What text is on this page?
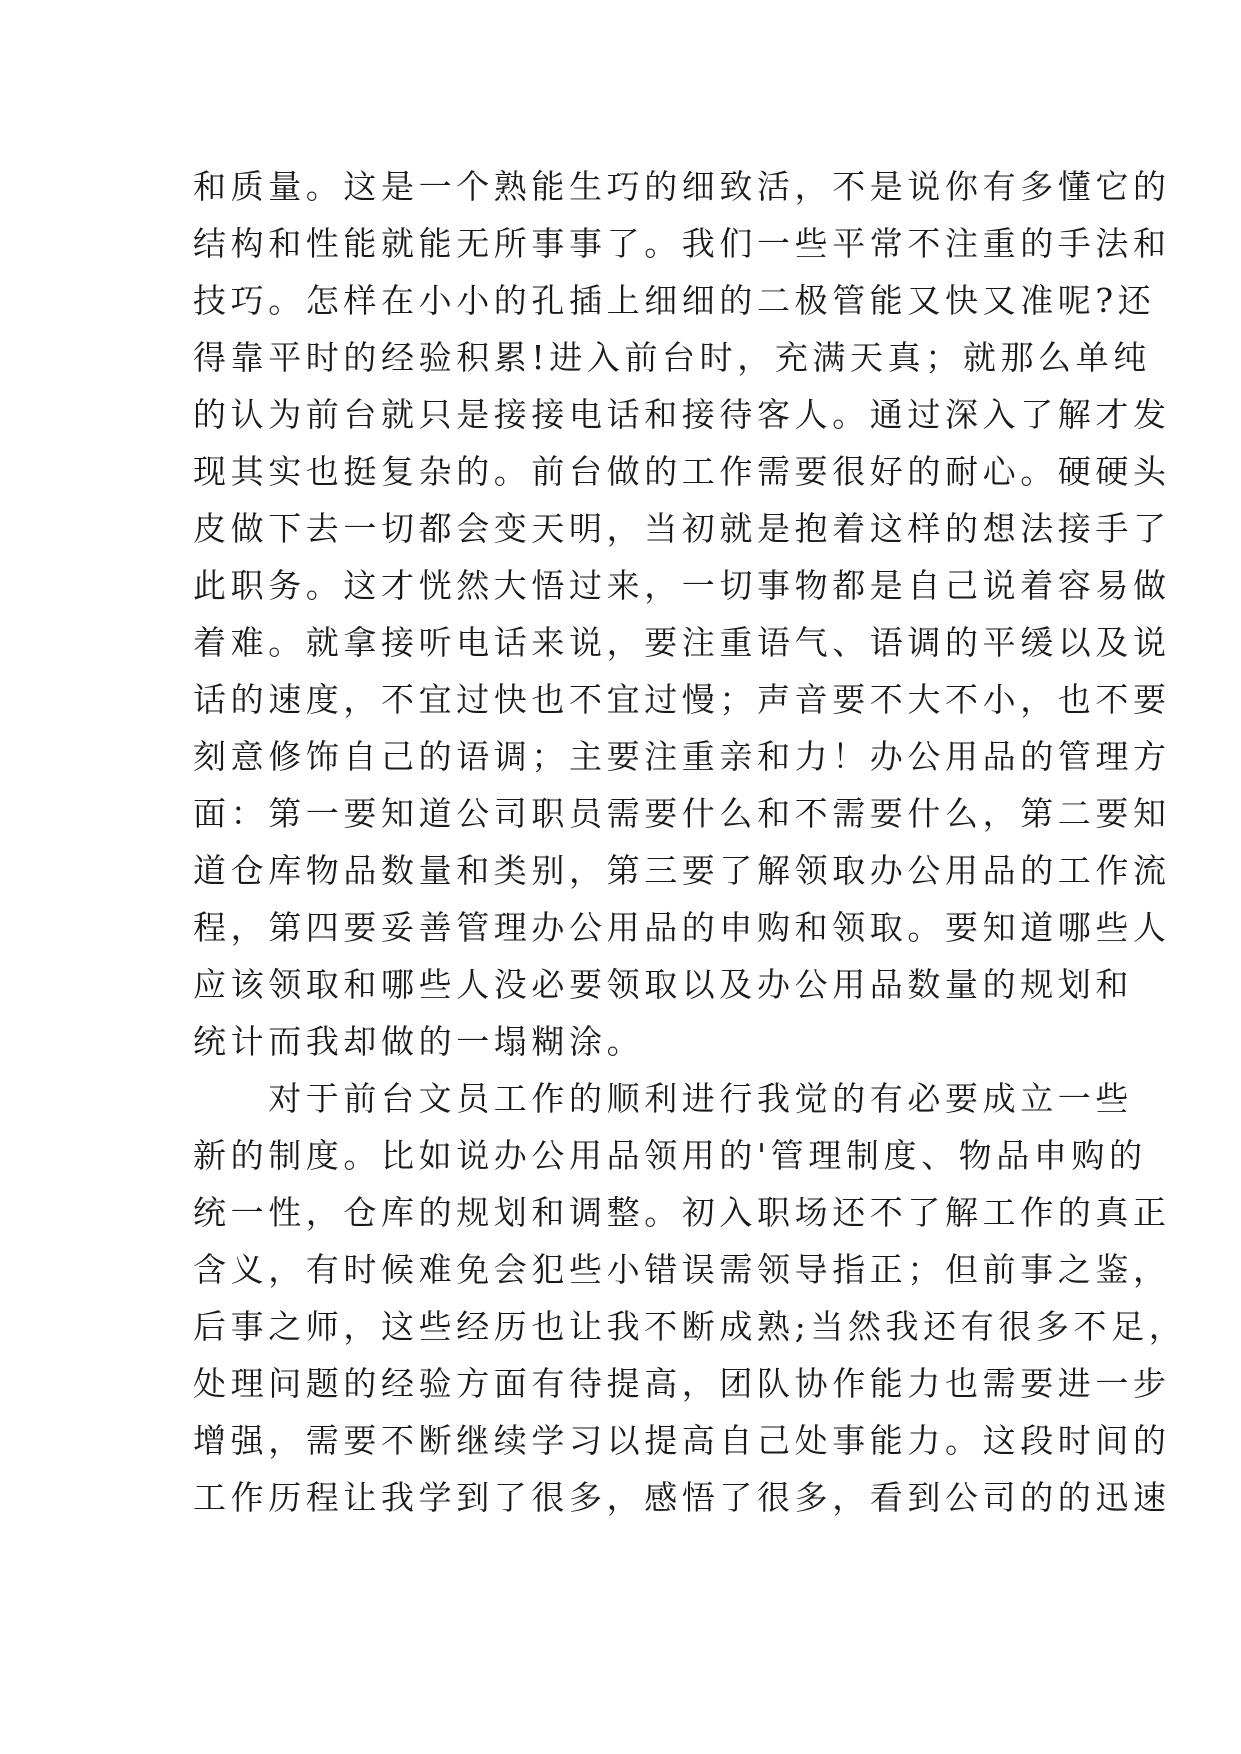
和质量。这是一个熟能生巧的细致活，不是说你有多懂它的
结构和性能就能无所事事了。我们一些平常不注重的手法和
技巧。怎样在小小的孔插上细细的二极管能又快又准呢?还
得靠平时的经验积累!进入前台时，充满天真；就那么单纯
的认为前台就只是接接电话和接待客人。通过深入了解才发
现其实也挺复杂的。前台做的工作需要很好的耐心。硬硬头
皮做下去一切都会变天明，当初就是抱着这样的想法接手了
此职务。这才恍然大悟过来，一切事物都是自己说着容易做
着难。就拿接听电话来说，要注重语气、语调的平缓以及说
话的速度，不宜过快也不宜过慢；声音要不大不小，也不要
刻意修饰自己的语调；主要注重亲和力！办公用品的管理方
面：第一要知道公司职员需要什么和不需要什么，第二要知
道仓库物品数量和类别，第三要了解领取办公用品的工作流
程，第四要妥善管理办公用品的申购和领取。要知道哪些人
应该领取和哪些人没必要领取以及办公用品数量的规划和
统计而我却做的一塌糊涂。
　　对于前台文员工作的顺利进行我觉的有必要成立一些
新的制度。比如说办公用品领用的'管理制度、物品申购的
统一性，仓库的规划和调整。初入职场还不了解工作的真正
含义，有时候难免会犯些小错误需领导指正；但前事之鉴，
后事之师，这些经历也让我不断成熟;当然我还有很多不足，
处理问题的经验方面有待提高，团队协作能力也需要进一步
增强，需要不断继续学习以提高自己处事能力。这段时间的
工作历程让我学到了很多，感悟了很多，看到公司的的迅速
